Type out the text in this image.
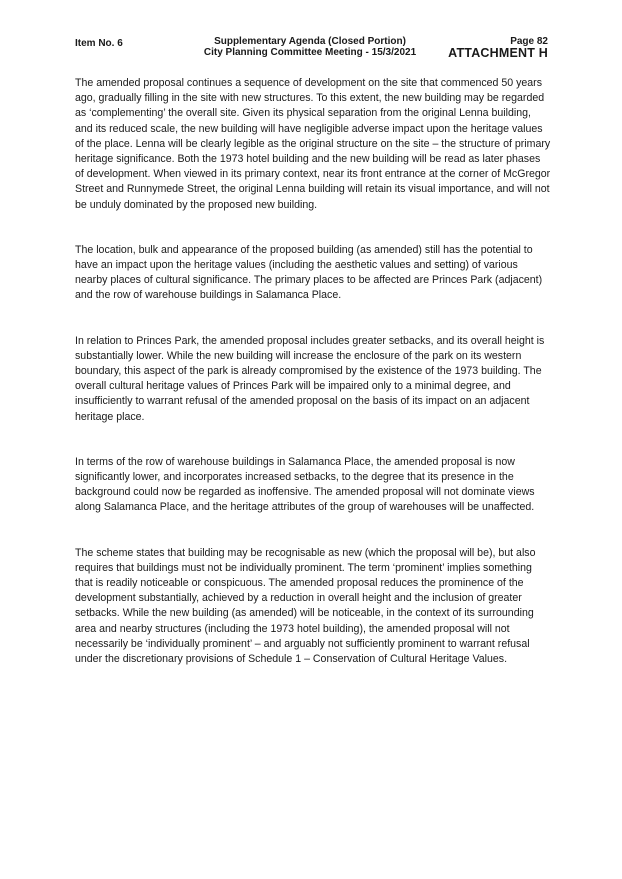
Item No. 6	Supplementary Agenda (Closed Portion)
City Planning Committee Meeting - 15/3/2021
Page 82
ATTACHMENT H

The amended proposal continues a sequence of development on the site that commenced 50 years ago, gradually filling in the site with new structures. To this extent, the new building may be regarded as ‘complementing’ the overall site. Given its physical separation from the original Lenna building, and its reduced scale, the new building will have negligible adverse impact upon the heritage values of the place. Lenna will be clearly legible as the original structure on the site – the structure of primary heritage significance. Both the 1973 hotel building and the new building will be read as later phases of development. When viewed in its primary context, near its front entrance at the corner of McGregor Street and Runnymede Street, the original Lenna building will retain its visual importance, and will not be unduly dominated by the proposed new building.

The location, bulk and appearance of the proposed building (as amended) still has the potential to have an impact upon the heritage values (including the aesthetic values and setting) of various nearby places of cultural significance. The primary places to be affected are Princes Park (adjacent) and the row of warehouse buildings in Salamanca Place.

In relation to Princes Park, the amended proposal includes greater setbacks, and its overall height is substantially lower. While the new building will increase the enclosure of the park on its western boundary, this aspect of the park is already compromised by the existence of the 1973 building. The overall cultural heritage values of Princes Park will be impaired only to a minimal degree, and insufficiently to warrant refusal of the amended proposal on the basis of its impact on an adjacent heritage place.

In terms of the row of warehouse buildings in Salamanca Place, the amended proposal is now significantly lower, and incorporates increased setbacks, to the degree that its presence in the background could now be regarded as inoffensive. The amended proposal will not dominate views along Salamanca Place, and the heritage attributes of the group of warehouses will be unaffected.

The scheme states that building may be recognisable as new (which the proposal will be), but also requires that buildings must not be individually prominent. The term ‘prominent’ implies something that is readily noticeable or conspicuous. The amended proposal reduces the prominence of the development substantially, achieved by a reduction in overall height and the inclusion of greater setbacks. While the new building (as amended) will be noticeable, in the context of its surrounding area and nearby structures (including the 1973 hotel building), the amended proposal will not necessarily be ‘individually prominent’ – and arguably not sufficiently prominent to warrant refusal under the discretionary provisions of Schedule 1 – Conservation of Cultural Heritage Values.
